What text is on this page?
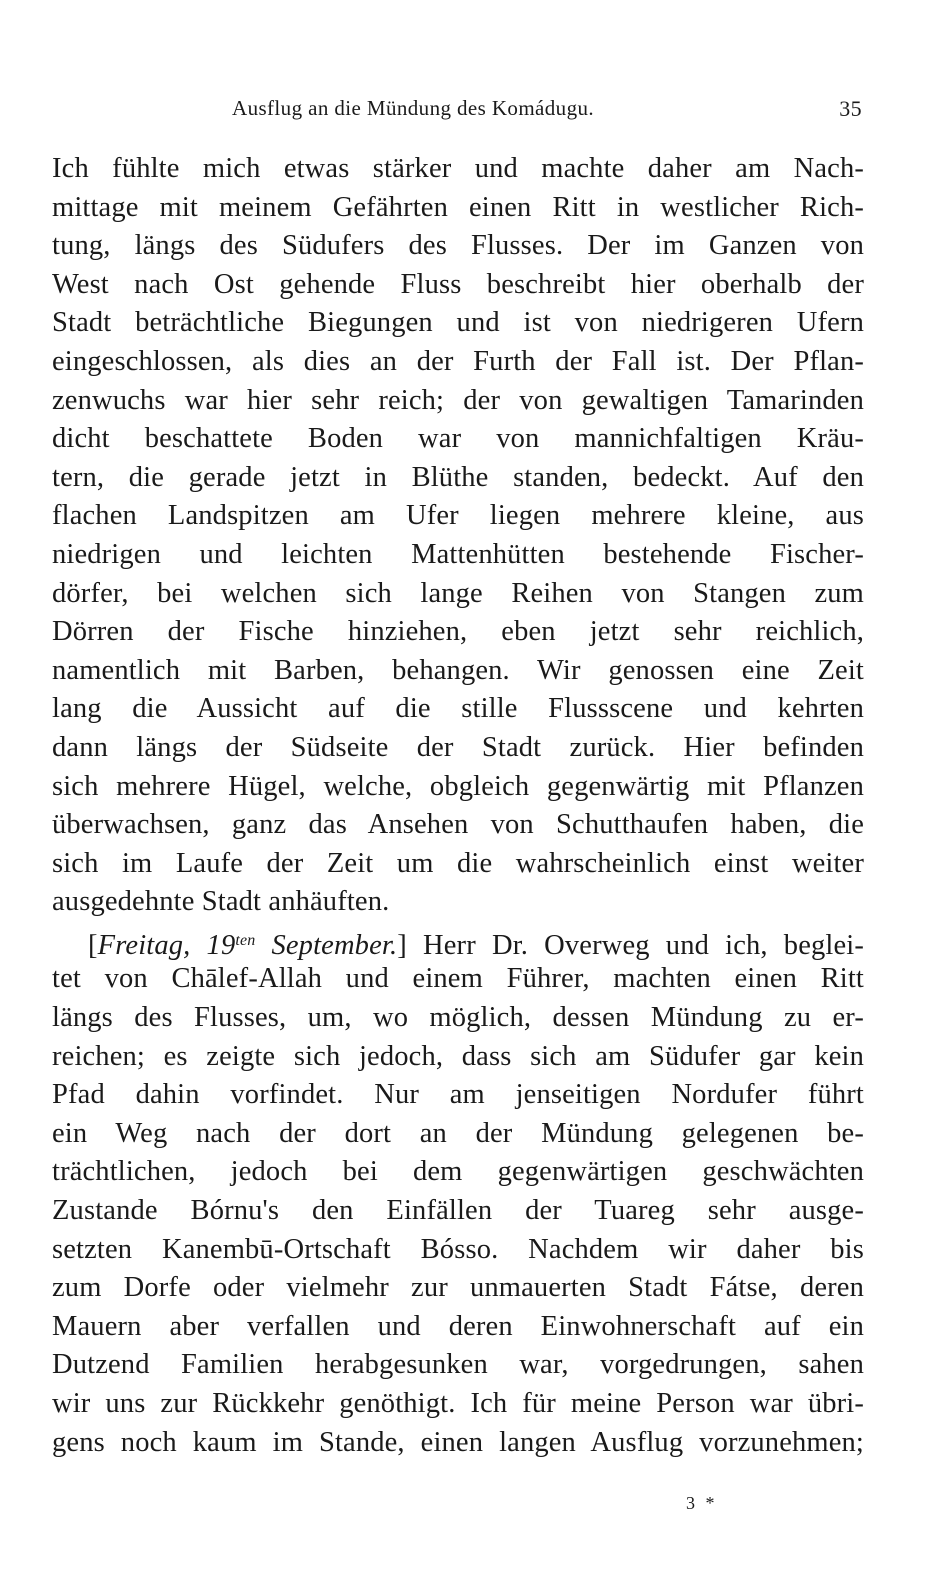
Ausflug an die Mündung des Komádugu.	35
Ich fühlte mich etwas stärker und machte daher am Nach-
mittage mit meinem Gefährten einen Ritt in westlicher Rich-
tung, längs des Südufers des Flusses. Der im Ganzen von
West nach Ost gehende Fluss beschreibt hier oberhalb der
Stadt beträchtliche Biegungen und ist von niedrigeren Ufern
eingeschlossen, als dies an der Furth der Fall ist. Der Pflan-
zenwuchs war hier sehr reich; der von gewaltigen Tamarinden
dicht beschattete Boden war von mannichfaltigen Kräu-
tern, die gerade jetzt in Blüthe standen, bedeckt. Auf den
flachen Landspitzen am Ufer liegen mehrere kleine, aus
niedrigen und leichten Mattenhütten bestehende Fischer-
dörfer, bei welchen sich lange Reihen von Stangen zum
Dörren der Fische hinziehen, eben jetzt sehr reichlich,
namentlich mit Barben, behangen. Wir genossen eine Zeit
lang die Aussicht auf die stille Flussscene und kehrten
dann längs der Südseite der Stadt zurück. Hier befinden
sich mehrere Hügel, welche, obgleich gegenwärtig mit Pflanzen
überwachsen, ganz das Ansehen von Schutthaufen haben, die
sich im Laufe der Zeit um die wahrscheinlich einst weiter
ausgedehnte Stadt anhäuften.
[Freitag, $19^{ten}$ September.] Herr Dr. Overweg und ich, beglei-
tet von Chālef-Allah und einem Führer, machten einen Ritt
längs des Flusses, um, wo möglich, dessen Mündung zu er-
reichen; es zeigte sich jedoch, dass sich am Südufer gar kein
Pfad dahin vorfindet. Nur am jenseitigen Nordufer führt
ein Weg nach der dort an der Mündung gelegenen be-
trächtlichen, jedoch bei dem gegenwärtigen geschwächten
Zustande Bórnu's den Einfällen der Tuareg sehr ausge-
setzten Kanembū-Ortschaft Bósso. Nachdem wir daher bis
zum Dorfe oder vielmehr zur unmauerten Stadt Fátse, deren
Mauern aber verfallen und deren Einwohnerschaft auf ein
Dutzend Familien herabgesunken war, vorgedrungen, sahen
wir uns zur Rückkehr genöthigt. Ich für meine Person war übri-
gens noch kaum im Stande, einen langen Ausflug vorzunehmen;
3 *
